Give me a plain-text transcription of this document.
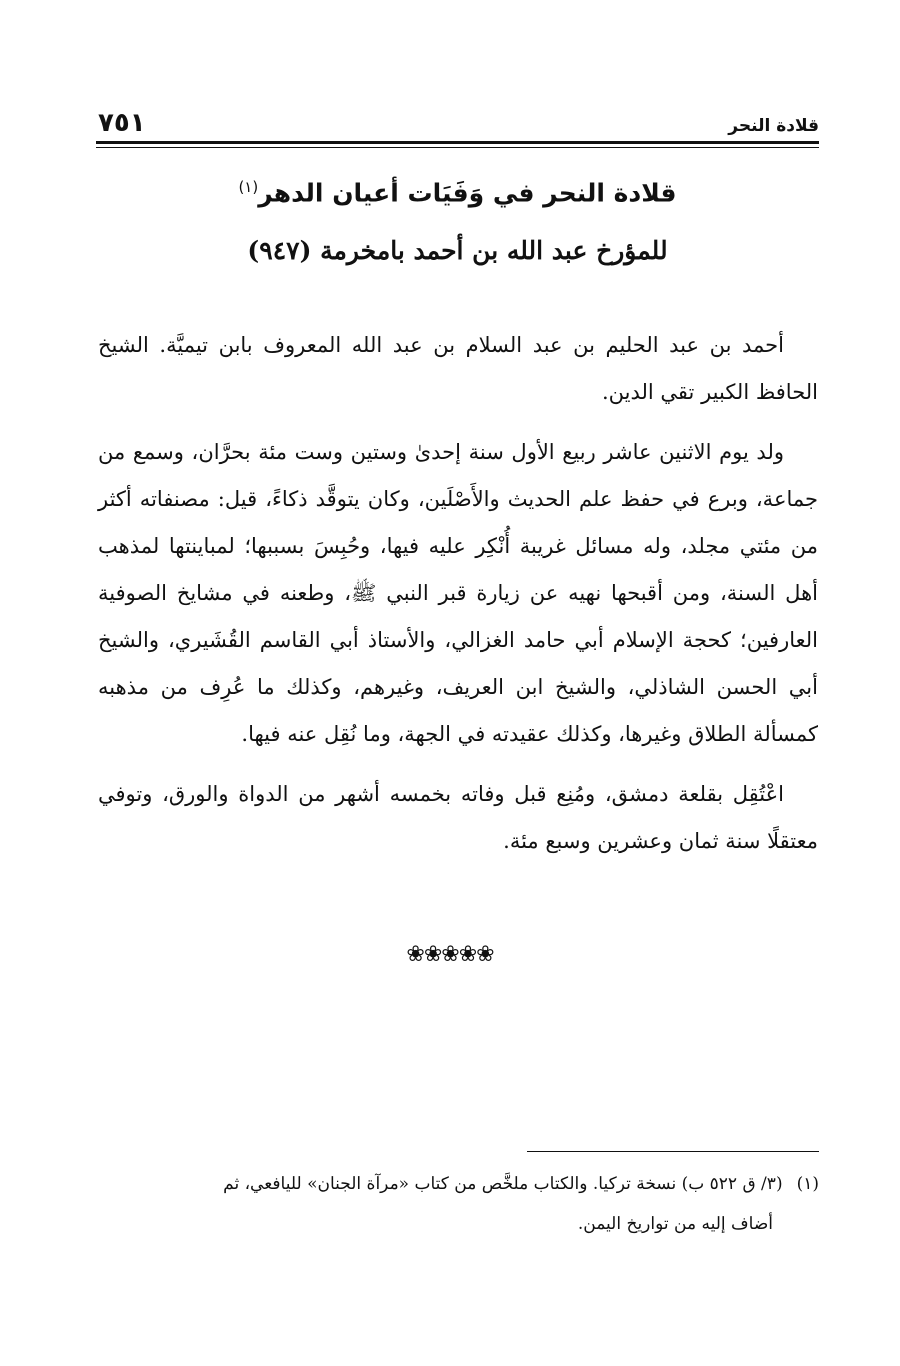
قلادة النحر
٧٥١
قلادة النحر في وَفَيَات أعيان الدهر$^{(١)}$
للمؤرخ عبد الله بن أحمد بامخرمة (٩٤٧)

أحمد بن عبد الحليم بن عبد السلام بن عبد الله المعروف بابن تيميَّة. الشيخ الحافظ الكبير تقي الدين.

ولد يوم الاثنين عاشر ربيع الأول سنة إحدىٰ وستين وست مئة بحرَّان، وسمع من جماعة، وبرع في حفظ علم الحديث والأَصْلَين، وكان يتوقَّد ذكاءً، قيل: مصنفاته أكثر من مئتي مجلد، وله مسائل غريبة أُنْكِر عليه فيها، وحُبِسَ بسببها؛ لمباينتها لمذهب أهل السنة، ومن أقبحها نهيه عن زيارة قبر النبي ﷺ، وطعنه في مشايخ الصوفية العارفين؛ كحجة الإسلام أبي حامد الغزالي، والأستاذ أبي القاسم القُشَيري، والشيخ أبي الحسن الشاذلي، والشيخ ابن العريف، وغيرهم، وكذلك ما عُرِف من مذهبه كمسألة الطلاق وغيرها، وكذلك عقيدته في الجهة، وما نُقِل عنه فيها.

اعْتُقِل بقلعة دمشق، ومُنِع قبل وفاته بخمسه أشهر من الدواة والورق، وتوفي معتقلًا سنة ثمان وعشرين وسبع مئة.

❀❀❀❀❀
(١)(٣/ ق ٥٢٢ ب) نسخة تركيا. والكتاب ملخَّص من كتاب «مرآة الجنان» لليافعي، ثم
أضاف إليه من تواريخ اليمن.
